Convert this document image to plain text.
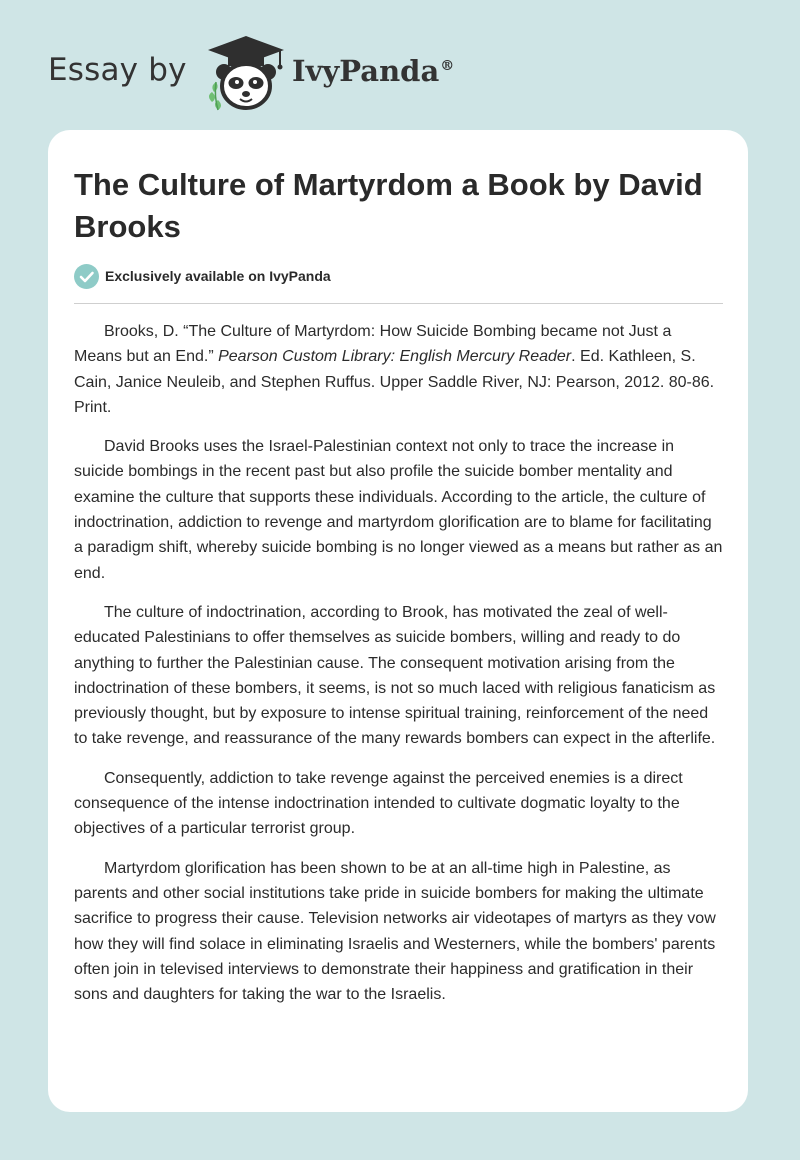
Essay by	IvyPanda®
The Culture of Martyrdom a Book by David Brooks
Exclusively available on IvyPanda

Brooks, D. “The Culture of Martyrdom: How Suicide Bombing became not Just a Means but an End.” Pearson Custom Library: English Mercury Reader. Ed. Kathleen, S. Cain, Janice Neuleib, and Stephen Ruffus. Upper Saddle River, NJ: Pearson, 2012. 80-86. Print.

David Brooks uses the Israel-Palestinian context not only to trace the increase in suicide bombings in the recent past but also profile the suicide bomber mentality and examine the culture that supports these individuals. According to the article, the culture of indoctrination, addiction to revenge and martyrdom glorification are to blame for facilitating a paradigm shift, whereby suicide bombing is no longer viewed as a means but rather as an end.

The culture of indoctrination, according to Brook, has motivated the zeal of well-educated Palestinians to offer themselves as suicide bombers, willing and ready to do anything to further the Palestinian cause. The consequent motivation arising from the indoctrination of these bombers, it seems, is not so much laced with religious fanaticism as previously thought, but by exposure to intense spiritual training, reinforcement of the need to take revenge, and reassurance of the many rewards bombers can expect in the afterlife.

Consequently, addiction to take revenge against the perceived enemies is a direct consequence of the intense indoctrination intended to cultivate dogmatic loyalty to the objectives of a particular terrorist group.

Martyrdom glorification has been shown to be at an all-time high in Palestine, as parents and other social institutions take pride in suicide bombers for making the ultimate sacrifice to progress their cause. Television networks air videotapes of martyrs as they vow how they will find solace in eliminating Israelis and Westerners, while the bombers' parents often join in televised interviews to demonstrate their happiness and gratification in their sons and daughters for taking the war to the Israelis.
